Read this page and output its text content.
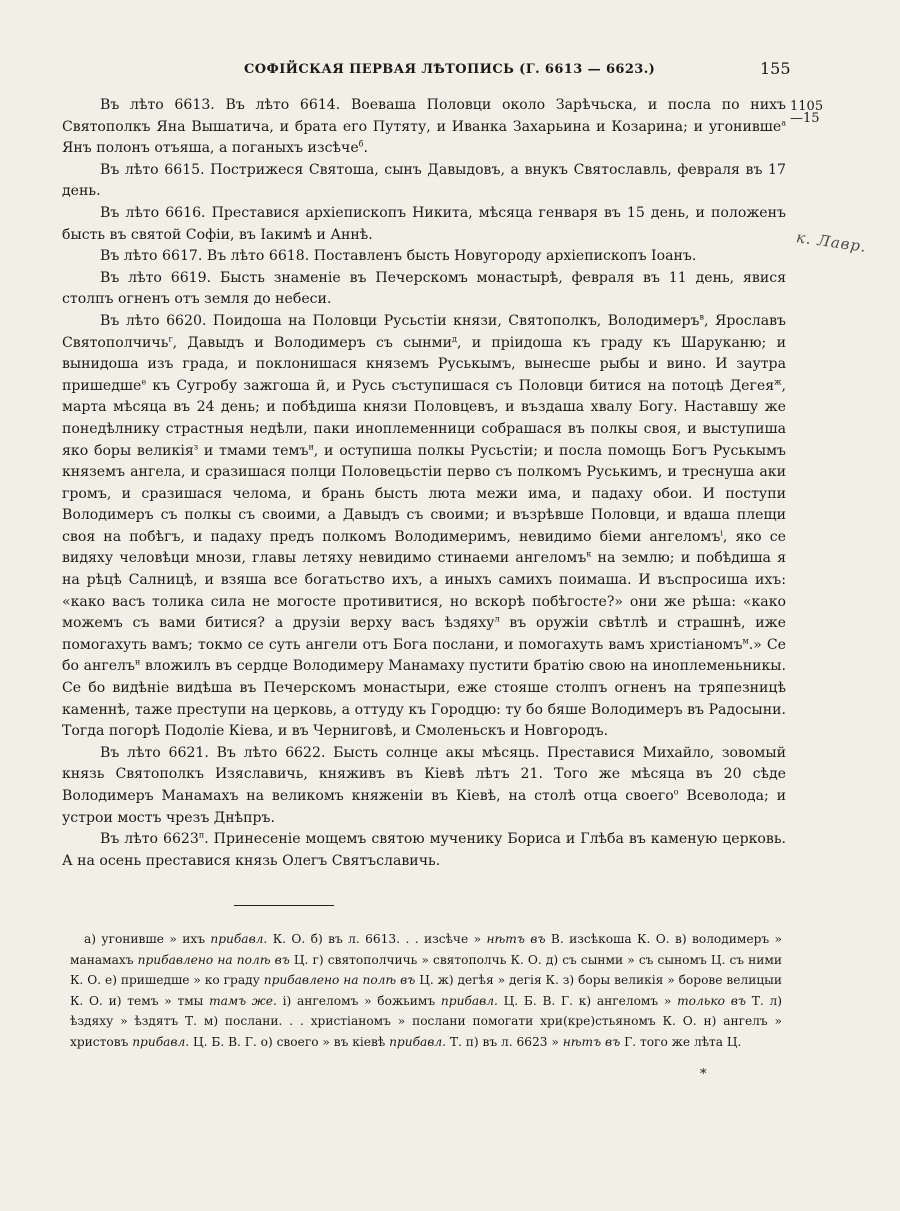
СОФІЙСКАЯ ПЕРВАЯ ЛѢТОПИСЬ (Г. 6613 — 6623.)	155
1105
—15
к. Лавр.

Въ лѣто 6613. Въ лѣто 6614. Воеваша Половци около Зарѣчьска, и посла по нихъ Святополкъ Яна Вышатича, и брата его Путяту, и Иванка Захарьина и Козарина; и угонивше$^а$ Янъ полонъ отъяша, а поганыхъ изсѣче$^б$.

Въ лѣто 6615. Пострижеся Святоша, сынъ Давыдовъ, а внукъ Святославль, февраля въ 17 день.

Въ лѣто 6616. Преставися архіепископъ Никита, мѣсяца генваря въ 15 день, и положенъ бысть въ святой Софіи, въ Іакимѣ и Аннѣ.

Въ лѣто 6617. Въ лѣто 6618. Поставленъ бысть Новугороду архіепископъ Іоанъ.

Въ лѣто 6619. Бысть знаменіе въ Печерскомъ монастырѣ, февраля въ 11 день, явися столпъ огненъ отъ земля до небеси.

Въ лѣто 6620. Поидоша на Половци Русьстіи князи, Святополкъ, Володимеръ$^в$, Ярославъ Святополчичь$^г$, Давыдъ и Володимеръ съ сынми$^д$, и пріидоша къ граду къ Шаруканю; и вынидоша изъ града, и поклонишася княземъ Руськымъ, вынесше рыбы и вино. И заутра пришедше$^е$ къ Сугробу зажгоша й, и Русь съступишася съ Половци битися на потоцѣ Дегея$^ж$, марта мѣсяца въ 24 день; и побѣдиша князи Половцевъ, и въздаша хвалу Богу. Наставшу же понедѣлнику страстныя недѣли, паки иноплеменници собрашася въ полкы своя, и выступиша яко боры великія$^з$ и тмами темъ$^и$, и оступиша полкы Русьстіи; и посла помощь Богъ Руськымъ княземъ ангела, и сразишася полци Половецьстіи перво съ полкомъ Руськимъ, и треснуша аки громъ, и сразишася челома, и брань бысть люта межи има, и падаху обои. И поступи Володимеръ съ полкы съ своими, а Давыдъ съ своими; и възрѣвше Половци, и вдаша плещи своя на побѣгъ, и падаху предъ полкомъ Володимеримъ, невидимо біеми ангеломъ$^і$, яко се видяху человѣци мнози, главы летяху невидимо стинаеми ангеломъ$^к$ на землю; и побѣдиша я на рѣцѣ Салницѣ, и взяша все богатьство ихъ, а иныхъ самихъ поимаша. И въспросиша ихъ: «како васъ толика сила не могосте противитися, но вскорѣ побѣгосте?» они же рѣша: «како можемъ съ вами битися? а друзіи верху васъ ѣздяху$^л$ въ оружіи свѣтлѣ и страшнѣ, иже помогахуть вамъ; токмо се суть ангели отъ Бога послани, и помогахуть вамъ христіаномъ$^м$.» Се бо ангелъ$^н$ вложилъ въ сердце Володимеру Манамаху пустити братію свою на иноплеменьникы. Се бо видѣніе видѣша въ Печерскомъ монастыри, еже стояше столпъ огненъ на тряпезницѣ каменнѣ, таже преступи на церковь, а оттуду къ Городцю: ту бо бяше Володимеръ въ Радосыни. Тогда погорѣ Подоліе Кіева, и въ Черниговѣ, и Смоленьскъ и Новгородъ.

Въ лѣто 6621. Въ лѣто 6622. Бысть солнце акы мѣсяць. Преставися Михайло, зовомый князь Святополкъ Изяславичь, княживъ въ Кіевѣ лѣтъ 21. Того же мѣсяца въ 20 сѣде Володимеръ Манамахъ на великомъ княженіи въ Кіевѣ, на столѣ отца своего$^о$ Всеволода; и устрои мостъ чрезъ Днѣпръ.

Въ лѣто $6623^п$. Принесеніе мощемъ святою мученику Бориса и Глѣба въ каменую церковь. А на осень преставися князь Олегъ Святъславичь.

а) угонивше » ихъ прибавл. К. О. б) въ л. 6613. . . изсѣче » нѣтъ въ В. изсѣкоша К. О. в) володимеръ » манамахъ прибавлено на полѣ въ Ц. г) святополчичь » святополчь К. О. д) съ сынми » съ сыномъ Ц. съ ними К. О. е) пришедше » ко граду прибавлено на полѣ въ Ц. ж) дегѣя » дегія К. з) боры великія » борове велицыи К. О. и) темъ » тмы тамъ же. і) ангеломъ » божьимъ прибавл. Ц. Б. В. Г. к) ангеломъ » только въ Т. л) ѣздяху » ѣздятъ Т. м) послани. . . христіаномъ » послани помогати хри(кре)стьяномъ К. О. н) ангелъ » христовъ прибавл. Ц. Б. В. Г. о) своего » въ кіевѣ прибавл. Т. п) въ л. 6623 » нѣтъ въ Г. того же лѣта Ц.

*
